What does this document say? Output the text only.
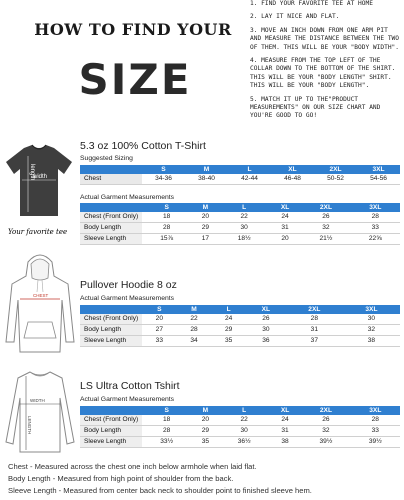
HOW TO FIND YOUR
SIZE
1. FIND YOUR FAVORITE TEE AT HOME
2. LAY IT NICE AND FLAT.
3. MOVE AN INCH DOWN FROM ONE ARM PIT AND MEASURE THE DISTANCE BETWEEN THE TWO OF THEM. THIS WILL BE YOUR "BODY WIDTH".
4. MEASURE FROM THE TOP LEFT OF THE COLLAR DOWN TO THE BOTTOM OF THE SHIRT. THIS WILL BE YOUR "BODY LENGTH" SHIRT. THIS WILL BE YOUR "BODY LENGTH".
5. MATCH IT UP TO THE"PRODUCT MEASUREMENTS" ON OUR SIZE CHART AND YOU'RE GOOD TO GO!
length
width
Your favorite tee
5.3 oz 100% Cotton T-Shirt
Suggested Sizing
	S	M	L	XL	2XL	3XL
Chest	34-36	38-40	42-44	46-48	50-52	54-56
Actual Garment Measurements
	S	M	L	XL	2XL	3XL
Chest (Front Only)	18	20	22	24	26	28
Body Length	28	29	30	31	32	33
Sleeve Length	15⅞	17	18½	20	21½	22⅝
CHEST
Pullover Hoodie 8 oz
Actual Garment Measurements
	S	M	L	XL	2XL	3XL
Chest (Front Only)	20	22	24	26	28	30
Body Length	27	28	29	30	31	32
Sleeve Length	33	34	35	36	37	38
WIDTH
LENGTH
LS Ultra Cotton Tshirt
Actual Garment Measurements
	S	M	L	XL	2XL	3XL
Chest (Front Only)	18	20	22	24	26	28
Body Length	28	29	30	31	32	33
Sleeve Length	33½	35	36½	38	39½	39½
Chest - Measured across the chest one inch below armhole when laid flat.
Body Length - Measured from high point of shoulder from the back.
Sleeve Length - Measured from center back neck to shoulder point to finished sleeve hem.
